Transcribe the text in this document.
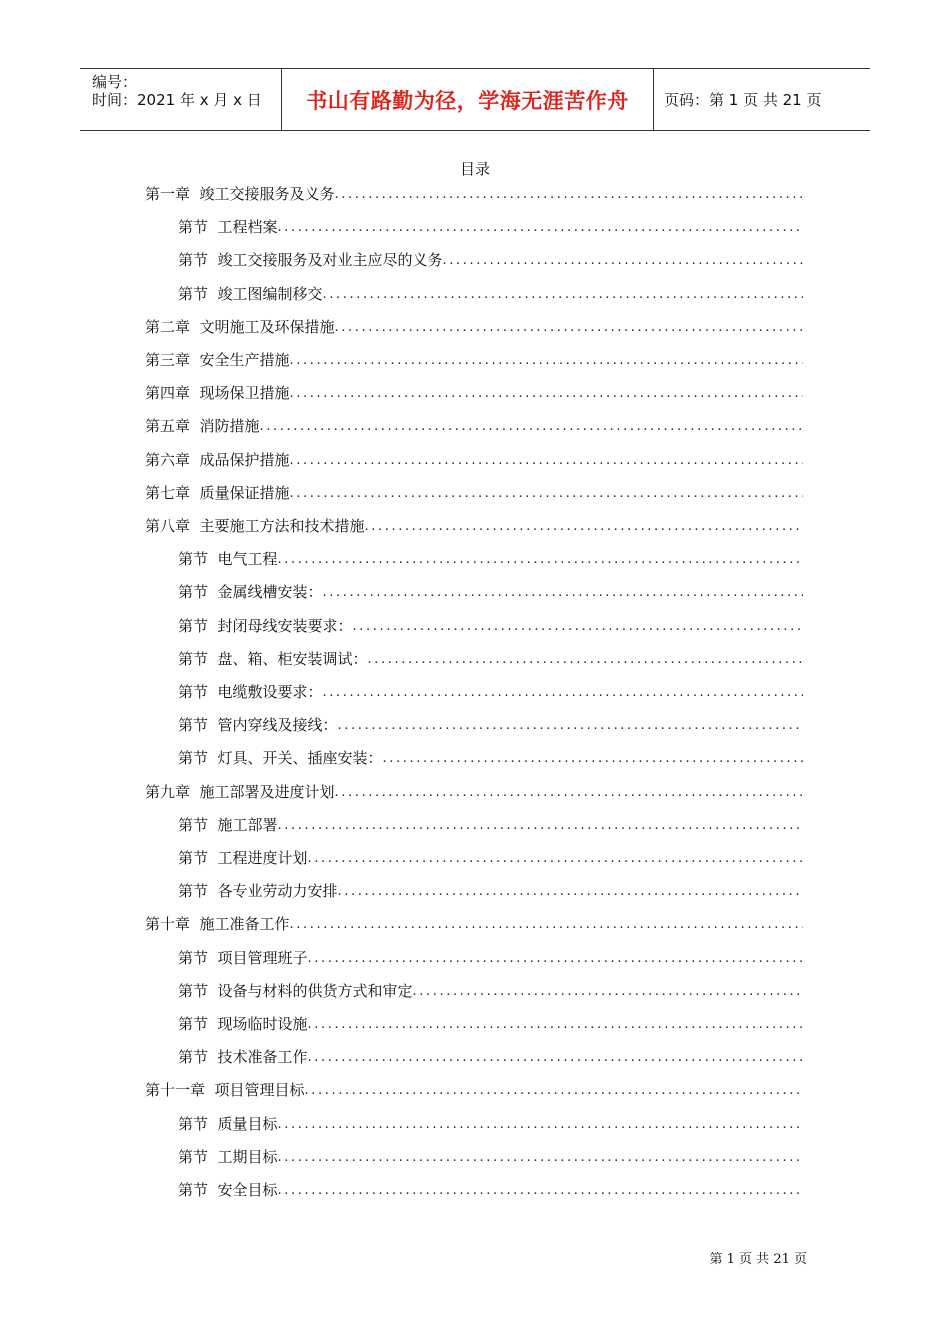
编号：
时间：2021 年 x 月 x 日	书山有路勤为径，学海无涯苦作舟 页码：第 1 页 共 21 页
目录
第一章  竣工交接服务及义务
.....
第节  工程档案
.....
第节  竣工交接服务及对业主应尽的义务
.....
第节  竣工图编制移交
.....
第二章  文明施工及环保措施
.....
第三章  安全生产措施
.....
第四章  现场保卫措施
.....
第五章  消防措施
.....
第六章  成品保护措施
.....
第七章  质量保证措施
.....
第八章  主要施工方法和技术措施
.....
第节  电气工程
.....
第节  金属线槽安装：
.....
第节  封闭母线安装要求：
.....
第节  盘、箱、柜安装调试：
.....
第节  电缆敷设要求：
.....
第节  管内穿线及接线：
.....
第节  灯具、开关、插座安装：
.....
第九章  施工部署及进度计划
.....
第节  施工部署
.....
第节  工程进度计划
.....
第节  各专业劳动力安排
.....
第十章  施工准备工作
.....
第节  项目管理班子
.....
第节  设备与材料的供货方式和审定
.....
第节  现场临时设施
.....
第节  技术准备工作
.....
第十一章  项目管理目标
.....
第节  质量目标
.....
第节  工期目标
.....
第节  安全目标
.....
第 1 页 共 21 页
